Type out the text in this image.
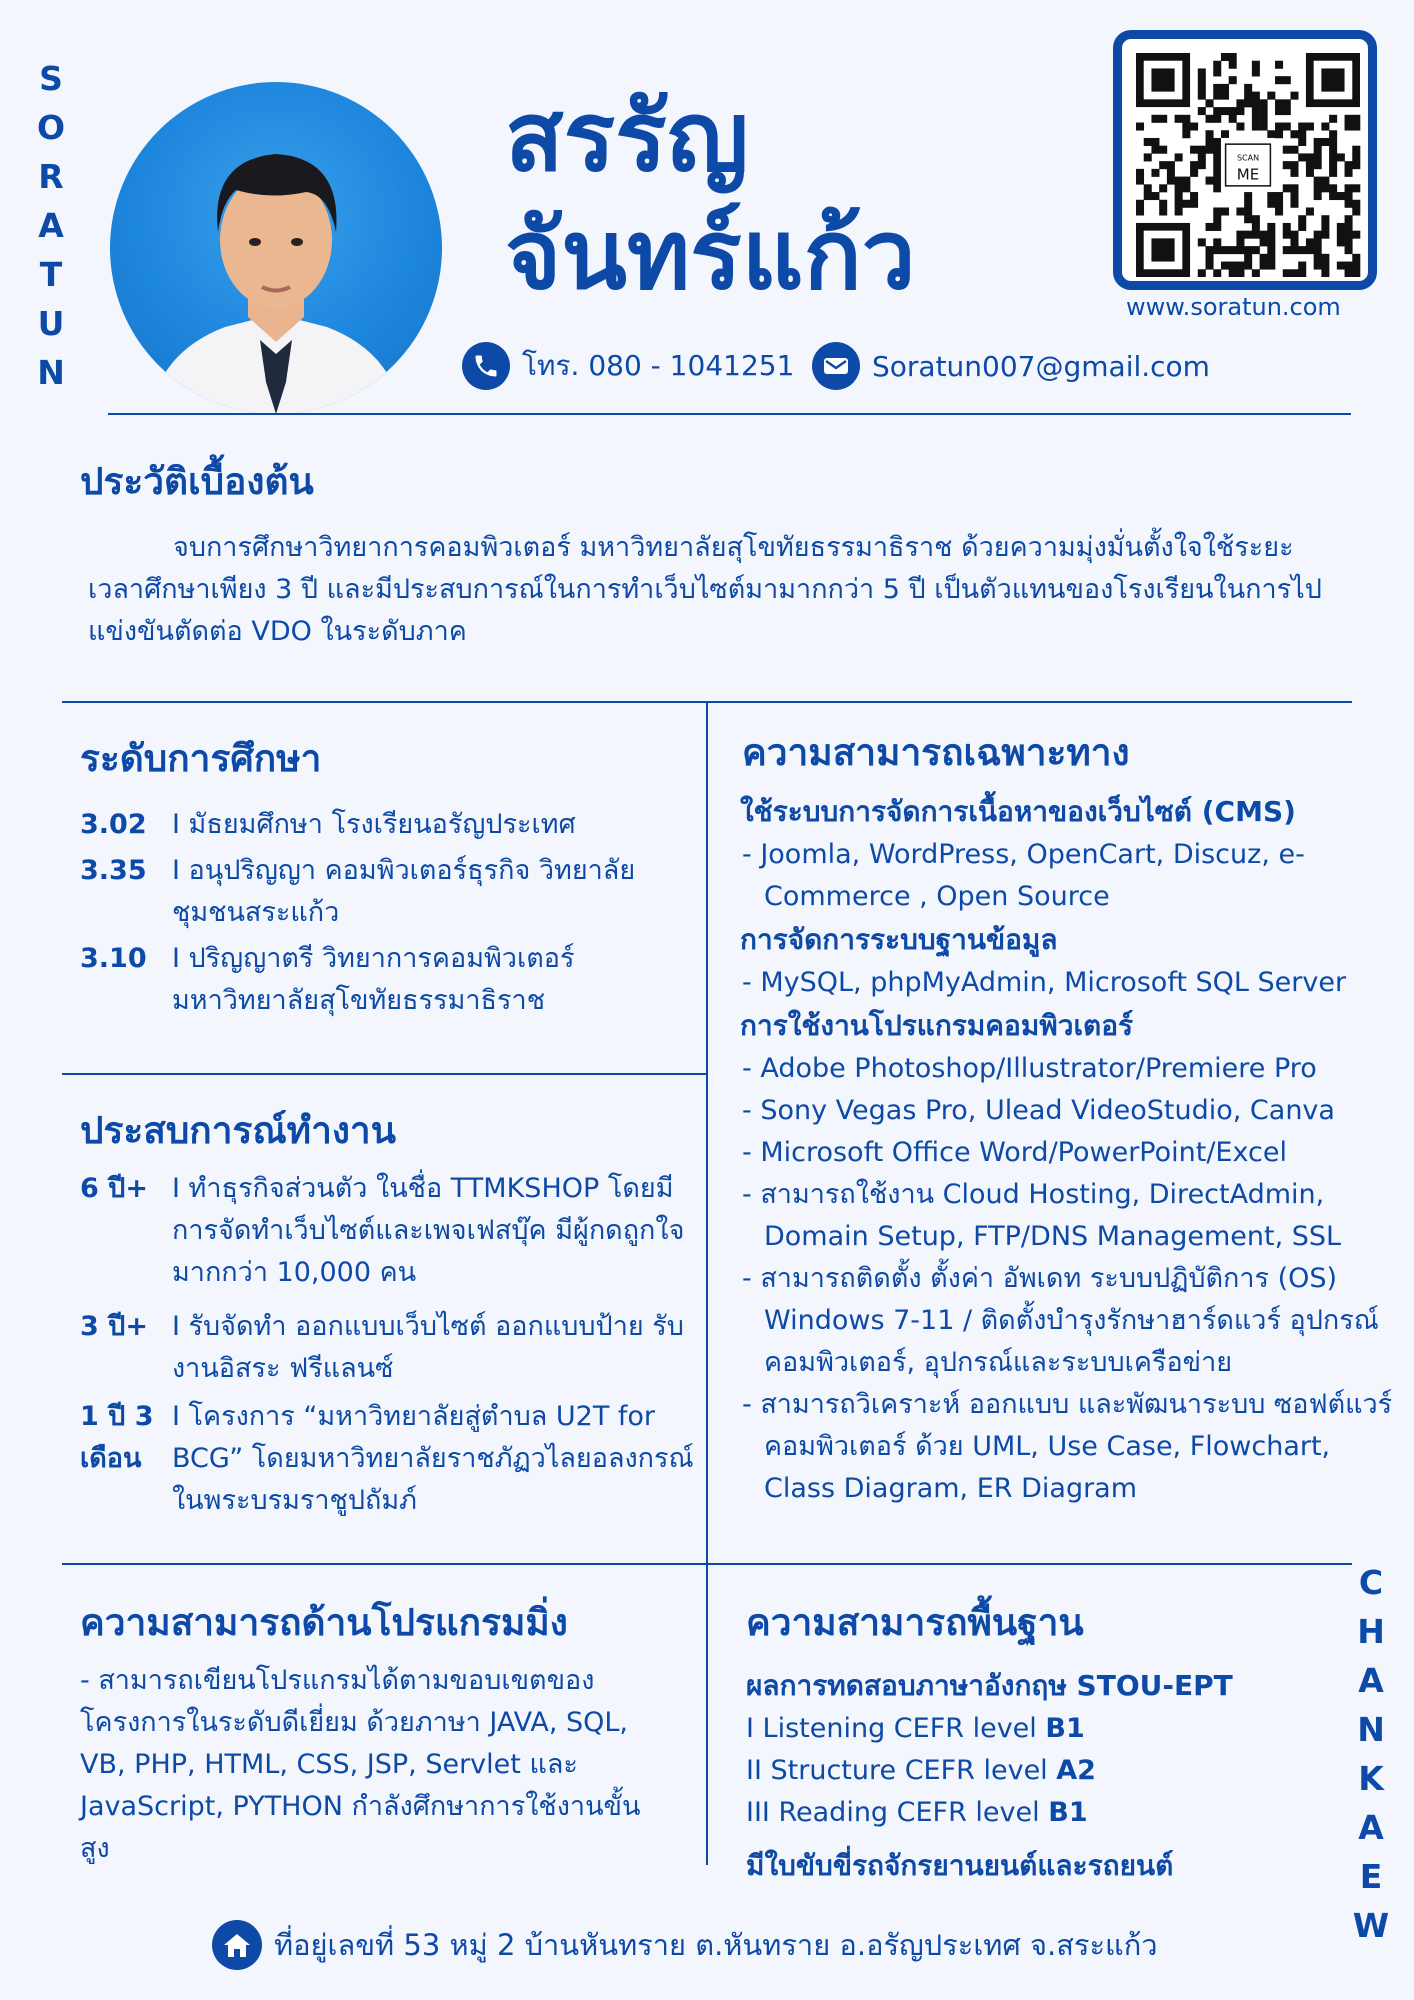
S
O
R
A
T
U
N
C
H
A
N
K
A
E
W
สรรัญ
จันทร์แก้ว
SCAN
ME
www.soratun.com
โทร. 080 - 1041251	Soratun007@gmail.com
ประวัติเบื้องต้น
จบการศึกษาวิทยาการคอมพิวเตอร์ มหาวิทยาลัยสุโขทัยธรรมาธิราช ด้วยความมุ่งมั่นตั้งใจใช้ระยะเวลาศึกษาเพียง 3 ปี และมีประสบการณ์ในการทำเว็บไซต์มามากกว่า 5 ปี เป็นตัวแทนของโรงเรียนในการไปแข่งขันตัดต่อ VDO ในระดับภาค
ระดับการศึกษา
3.02 I มัธยมศึกษา โรงเรียนอรัญประเทศ
3.35 I อนุปริญญา คอมพิวเตอร์ธุรกิจ วิทยาลัยชุมชนสระแก้ว
3.10 I ปริญญาตรี วิทยาการคอมพิวเตอร์ มหาวิทยาลัยสุโขทัยธรรมาธิราช
ประสบการณ์ทำงาน
6 ปี+ I ทำธุรกิจส่วนตัว ในชื่อ TTMKSHOP โดยมีการจัดทำเว็บไซต์และเพจเฟสบุ๊ค มีผู้กดถูกใจมากกว่า 10,000 คน
3 ปี+ I รับจัดทำ ออกแบบเว็บไซต์ ออกแบบป้าย รับงานอิสระ ฟรีแลนซ์
1 ปี 3 เดือน
I โครงการ “มหาวิทยาลัยสู่ตำบล U2T for BCG” โดยมหาวิทยาลัยราชภัฏวไลยอลงกรณ์ ในพระบรมราชูปถัมภ์
ความสามารถด้านโปรแกรมมิ่ง
- สามารถเขียนโปรแกรมได้ตามขอบเขตของโครงการในระดับดีเยี่ยม ด้วยภาษา JAVA, SQL, VB, PHP, HTML, CSS, JSP, Servlet และ JavaScript, PYTHON กำลังศึกษาการใช้งานขั้นสูง
ความสามารถเฉพาะทาง
ใช้ระบบการจัดการเนื้อหาของเว็บไซต์ (CMS)
- Joomla, WordPress, OpenCart, Discuz, e-Commerce , Open Source
การจัดการระบบฐานข้อมูล
- MySQL, phpMyAdmin, Microsoft SQL Server
การใช้งานโปรแกรมคอมพิวเตอร์
- Adobe Photoshop/Illustrator/Premiere Pro
- Sony Vegas Pro, Ulead VideoStudio, Canva
- Microsoft Office Word/PowerPoint/Excel
- สามารถใช้งาน Cloud Hosting, DirectAdmin, Domain Setup, FTP/DNS Management, SSL
- สามารถติดตั้ง ตั้งค่า อัพเดท ระบบปฏิบัติการ (OS) Windows 7-11 / ติดตั้งบำรุงรักษาฮาร์ดแวร์ อุปกรณ์คอมพิวเตอร์, อุปกรณ์และระบบเครือข่าย
- สามารถวิเคราะห์ ออกแบบ และพัฒนาระบบ ซอฟต์แวร์คอมพิวเตอร์ ด้วย UML, Use Case, Flowchart, Class Diagram, ER Diagram
ความสามารถพื้นฐาน
ผลการทดสอบภาษาอังกฤษ STOU-EPT
I Listening CEFR level B1
II Structure CEFR level A2
III Reading CEFR level B1
มีใบขับขี่รถจักรยานยนต์และรถยนต์
ที่อยู่เลขที่ 53 หมู่ 2 บ้านหันทราย ต.หันทราย อ.อรัญประเทศ จ.สระแก้ว
